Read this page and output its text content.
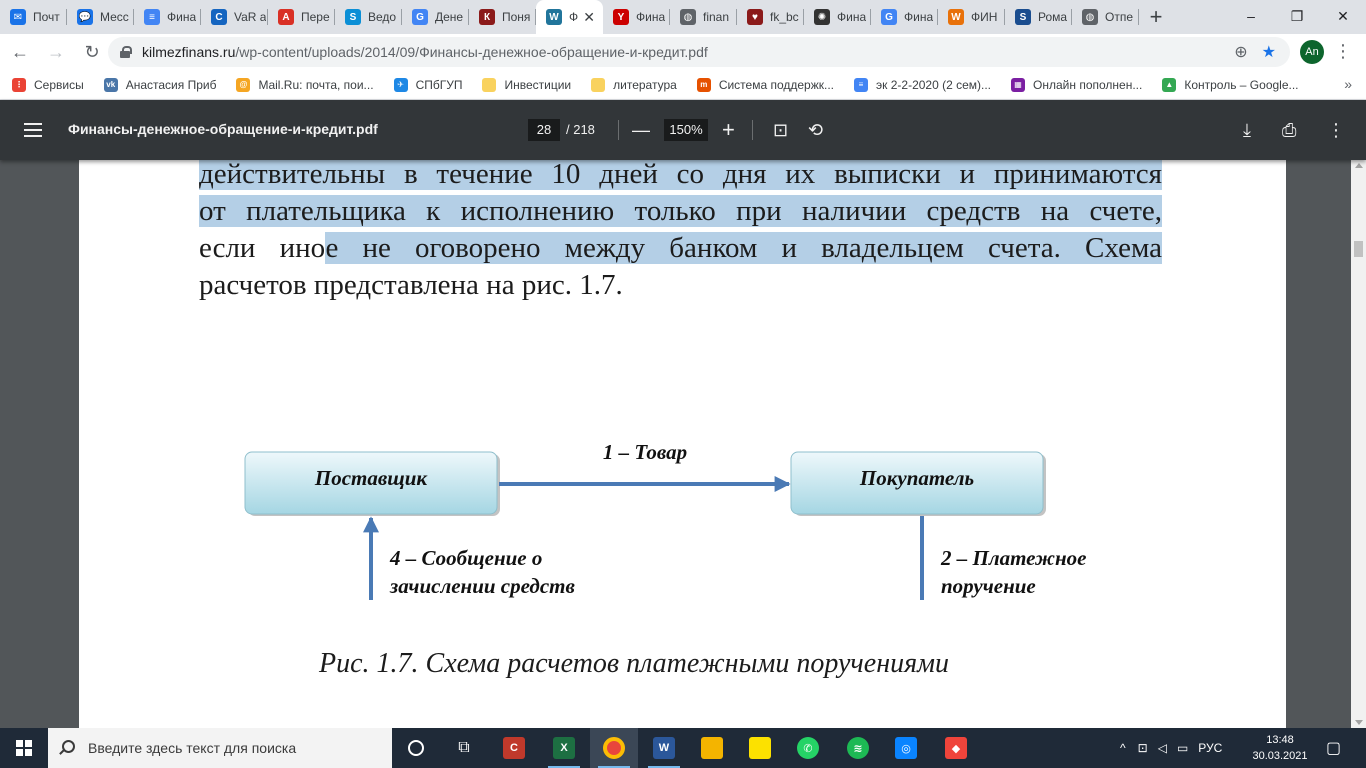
✉ Почт 💬 Месс	≡	Фина	C VaR а	A Пере	S Ведо	G Дене	К Поня	W Ф ✕	Y Фина	◍ finan	♥	fk_bc	✺ Фина	G Фина	W ФИН	S Рома	◍ Отпе +	–	❐	✕
←	→	↻	kilmezfinans.ru /wp-content/uploads/2014/09/Финансы-денежное-обращение-и-кредит.pdf	⊕ ★	An ⋮
⋮ Сервисы	vk Анастасия Приб	@ Mail.Ru: почта, пои...	✈ СПбГУП	Инвестиции	литература	m Система поддержк...	≡	эк 2-2-2020 (2 сем)...	▦ Онлайн пополнен...	▲ Контроль – Google...	»
Финансы-денежное-обращение-и-кредит.pdf	28	/ 218 —	150% + ⊡ ⟲	⤓ ⎙ ⋮
действительны в течение 10 дней со дня их выписки и принимаются
от плательщика к исполнению только при наличии средств на счете,
если иное не оговорено между банком и владельцем счета. Схема
расчетов представлена на рис. 1.7.
Поставщик	Покупатель
1 – Товар
2 – Платежное
поручение
4 – Сообщение о
зачислении средств
Рис. 1.7. Схема расчетов платежными поручениями
Введите здесь текст для поиска	⧉	C	X	W	✆	≋	◎	◆	^ ⊡ ◁ ▭ РУС
13:48
30.03.2021 ▢
